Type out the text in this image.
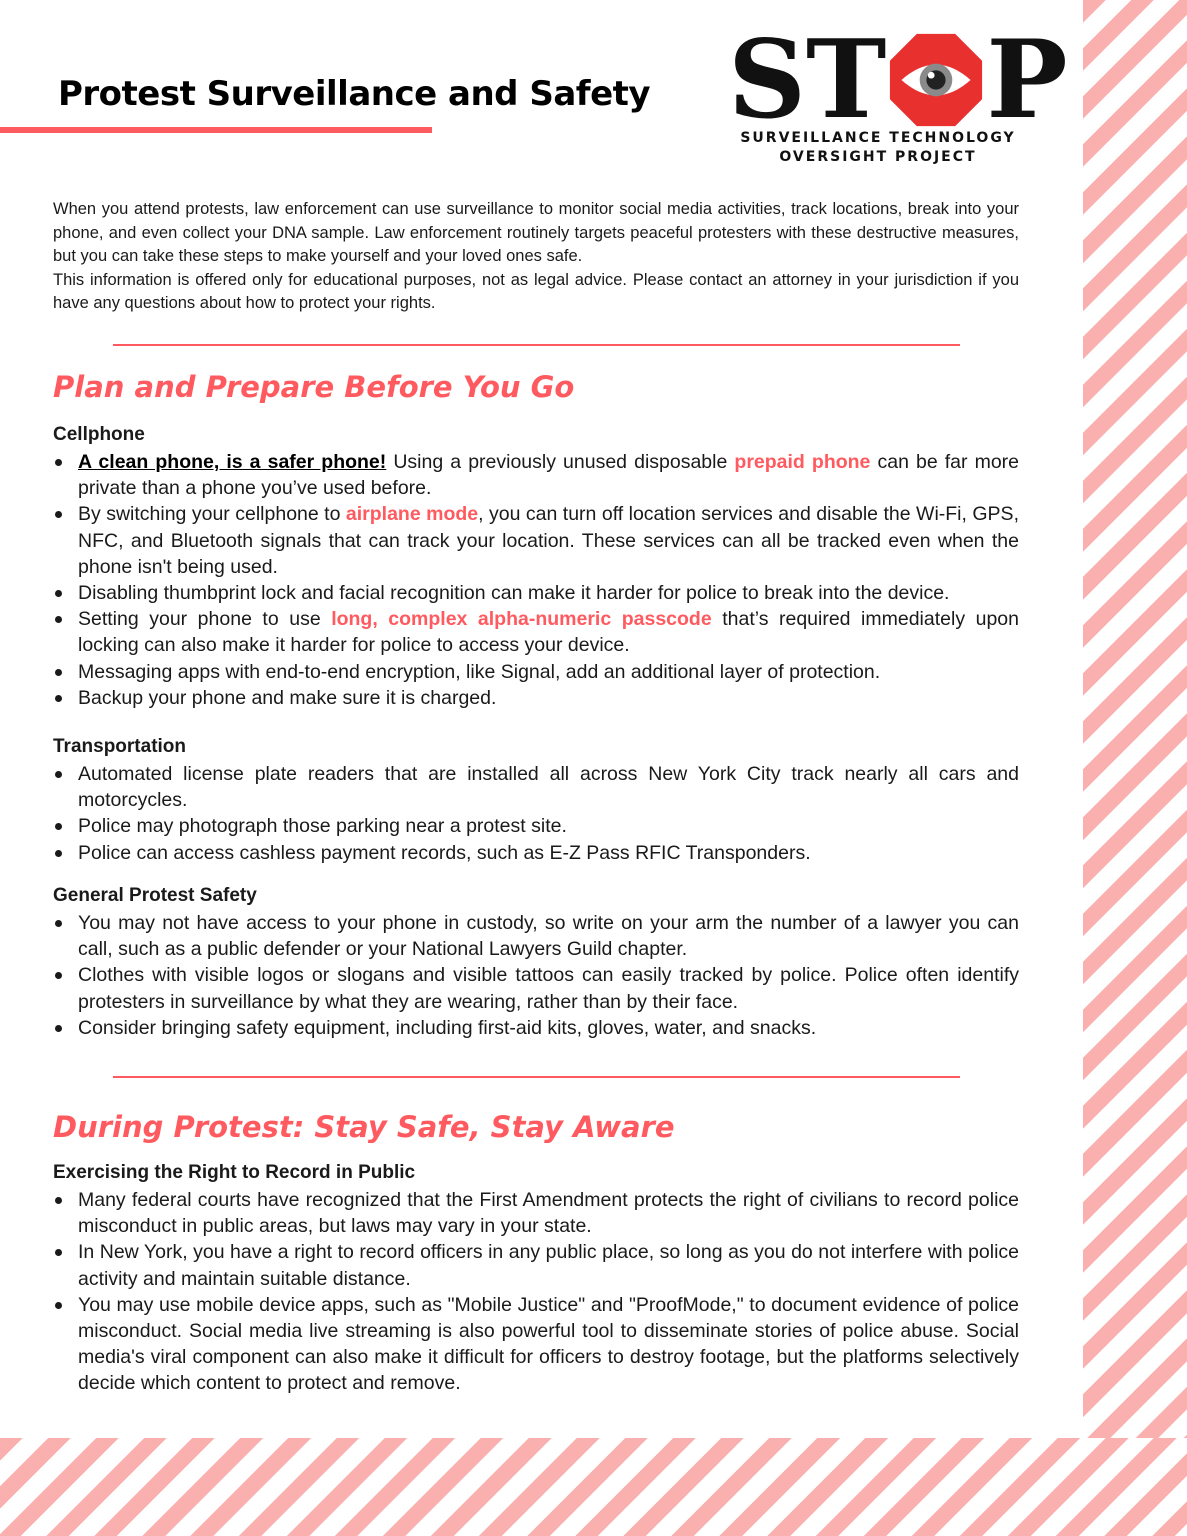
Protest Surveillance and Safety S T P
SURVEILLANCE TECHNOLOGY
OVERSIGHT PROJECT

When you attend protests, law enforcement can use surveillance to monitor social media activities, track locations, break into your phone, and even collect your DNA sample. Law enforcement routinely targets peaceful protesters with these destructive measures, but you can take these steps to make yourself and your loved ones safe.

This information is offered only for educational purposes, not as legal advice. Please contact an attorney in your jurisdiction if you have any questions about how to protect your rights.

Plan and Prepare Before You Go
Cellphone
A clean phone, is a safer phone! Using a previously unused disposable prepaid phone can be far more private than a phone you’ve used before.
By switching your cellphone to airplane mode, you can turn off location services and disable the Wi-Fi, GPS, NFC, and Bluetooth signals that can track your location. These services can all be tracked even when the phone isn't being used.
Disabling thumbprint lock and facial recognition can make it harder for police to break into the device.
Setting your phone to use long, complex alpha-numeric passcode that’s required immediately upon locking can also make it harder for police to access your device.
Messaging apps with end-to-end encryption, like Signal, add an additional layer of protection.
Backup your phone and make sure it is charged.
Transportation
Automated license plate readers that are installed all across New York City track nearly all cars and motorcycles.
Police may photograph those parking near a protest site.
Police can access cashless payment records, such as E-Z Pass RFIC Transponders.
General Protest Safety
You may not have access to your phone in custody, so write on your arm the number of a lawyer you can call, such as a public defender or your National Lawyers Guild chapter.
Clothes with visible logos or slogans and visible tattoos can easily tracked by police. Police often identify protesters in surveillance by what they are wearing, rather than by their face.
Consider bringing safety equipment, including first-aid kits, gloves, water, and snacks.
During Protest: Stay Safe, Stay Aware
Exercising the Right to Record in Public
Many federal courts have recognized that the First Amendment protects the right of civilians to record police misconduct in public areas, but laws may vary in your state.
In New York, you have a right to record officers in any public place, so long as you do not interfere with police activity and maintain suitable distance.
You may use mobile device apps, such as "Mobile Justice" and "ProofMode," to document evidence of police misconduct. Social media live streaming is also powerful tool to disseminate stories of police abuse. Social media's viral component can also make it difficult for officers to destroy footage, but the platforms selectively decide which content to protect and remove.
